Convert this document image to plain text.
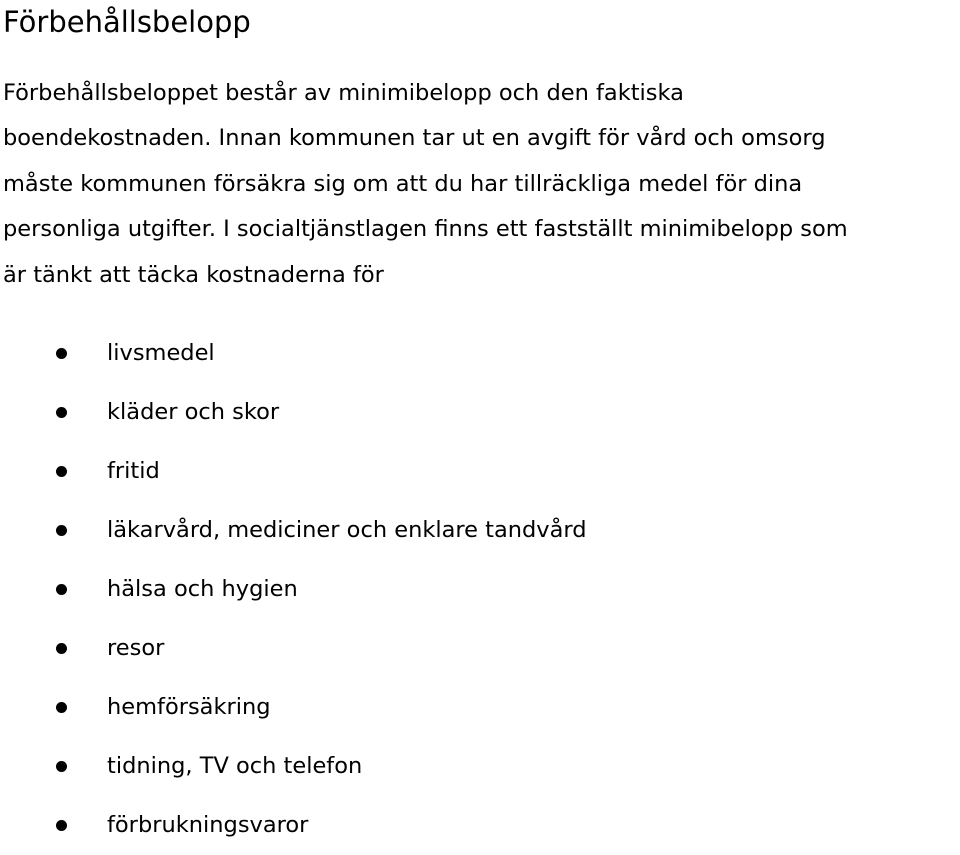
Förbehållsbelopp

Förbehållsbeloppet består av minimibelopp och den faktiska
boendekostnaden. Innan kommunen tar ut en avgift för vård och omsorg
måste kommunen försäkra sig om att du har tillräckliga medel för dina
personliga utgifter. I socialtjänstlagen finns ett fastställt minimibelopp som
är tänkt att täcka kostnaderna för

livsmedel
kläder och skor
fritid
läkarvård, mediciner och enklare tandvård
hälsa och hygien
resor
hemförsäkring
tidning, TV och telefon
förbrukningsvaror
